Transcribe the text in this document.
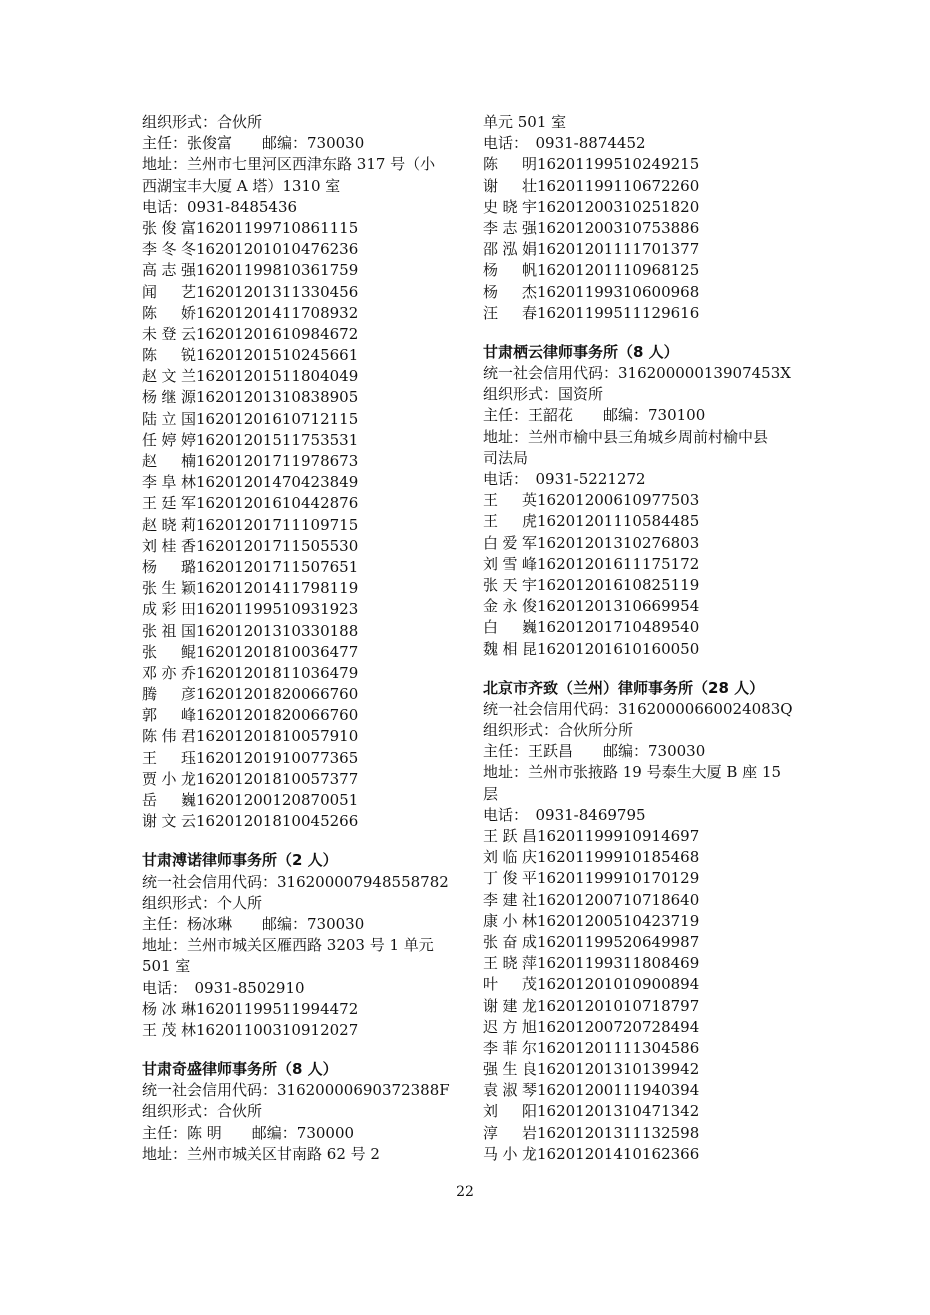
组织形式：合伙所
主任：张俊富　　邮编：730030
地址：兰州市七里河区西津东路 317 号（小
西湖宝丰大厦 A 塔）1310 室
电话：0931-8485436
张俊富16201199710861115
李冬冬16201201010476236
高志强16201199810361759
闻　艺16201201311330456
陈　娇16201201411708932
未登云16201201610984672
陈　锐16201201510245661
赵文兰16201201511804049
杨继源16201201310838905
陆立国16201201610712115
任婷婷16201201511753531
赵　楠16201201711978673
李阜林16201201470423849
王廷军16201201610442876
赵晓莉16201201711109715
刘桂香16201201711505530
杨　璐16201201711507651
张生颖16201201411798119
成彩田16201199510931923
张祖国16201201310330188
张　鲲16201201810036477
邓亦乔16201201811036479
腾　彦16201201820066760
郭　峰16201201820066760
陈伟君16201201810057910
王　珏16201201910077365
贾小龙16201201810057377
岳　巍16201200120870051
谢文云16201201810045266
甘肃溥诺律师事务所（2 人）
统一社会信用代码：316200007948558782
组织形式：个人所
主任：杨冰琳　　邮编：730030
地址：兰州市城关区雁西路 3203 号 1 单元
501 室
电话：　0931-8502910
杨冰琳16201199511994472
王茂林16201100310912027
甘肃奇盛律师事务所（8 人）
统一社会信用代码：31620000690372388F
组织形式：合伙所
主任：陈 明　　邮编：730000
地址：兰州市城关区甘南路 62 号 2
单元 501 室
电话：　0931-8874452
陈　明16201199510249215
谢　壮16201199110672260
史晓宇16201200310251820
李志强16201200310753886
邵泓娟16201201111701377
杨　帆16201201110968125
杨　杰16201199310600968
汪　春16201199511129616
甘肃栖云律师事务所（8 人）
统一社会信用代码：31620000013907453X
组织形式：国资所
主任：王韶花　　邮编：730100
地址：兰州市榆中县三角城乡周前村榆中县
司法局
电话：　0931-5221272
王　英16201200610977503
王　虎16201201110584485
白爱军16201201310276803
刘雪峰16201201611175172
张天宇16201201610825119
金永俊16201201310669954
白　巍16201201710489540
魏相昆16201201610160050
北京市齐致（兰州）律师事务所（28 人）
统一社会信用代码：31620000660024083Q
组织形式：合伙所分所
主任：王跃昌　　邮编：730030
地址：兰州市张掖路 19 号泰生大厦 B 座 15
层
电话：　0931-8469795
王跃昌16201199910914697
刘临庆16201199910185468
丁俊平16201199910170129
李建社16201200710718640
康小林16201200510423719
张奋成16201199520649987
王晓萍16201199311808469
叶　茂16201201010900894
谢建龙16201201010718797
迟方旭16201200720728494
李菲尔16201201111304586
强生良16201201310139942
袁淑琴16201200111940394
刘　阳16201201310471342
淳　岩16201201311132598
马小龙16201201410162366
22
